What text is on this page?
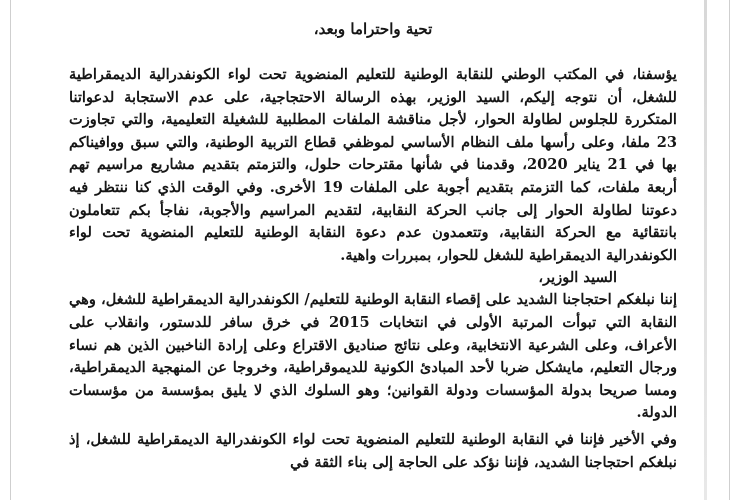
تحية واحتراما وبعد،

يؤسفنا، في المكتب الوطني للنقابة الوطنية للتعليم المنضوية تحت لواء الكونفدرالية الديمقراطية للشغل، أن نتوجه إليكم، السيد الوزير، بهذه الرسالة الاحتجاجية، على عدم الاستجابة لدعواتنا المتكررة للجلوس لطاولة الحوار، لأجل مناقشة الملفات المطلبية للشغيلة التعليمية، والتي تجاوزت 23 ملفا، وعلى رأسها ملف النظام الأساسي لموظفي قطاع التربية الوطنية، والتي سبق ووافيناكم بها في 21 يناير 2020، وقدمنا في شأنها مقترحات حلول، والتزمتم بتقديم مشاريع مراسيم تهم أربعة ملفات، كما التزمتم بتقديم أجوبة على الملفات 19 الأخرى. وفي الوقت الذي كنا ننتظر فيه دعوتنا لطاولة الحوار إلى جانب الحركة النقابية، لتقديم المراسيم والأجوبة، نفاجأ بكم تتعاملون بانتقائية مع الحركة النقابية، وتتعمدون عدم دعوة النقابة الوطنية للتعليم المنضوية تحت لواء الكونفدرالية الديمقراطية للشغل للحوار، بمبررات واهية.

السيد الوزير،

إننا نبلغكم احتجاجنا الشديد على إقصاء النقابة الوطنية للتعليم/ الكونفدرالية الديمقراطية للشغل، وهي النقابة التي تبوأت المرتبة الأولى في انتخابات 2015 في خرق سافر للدستور، وانقلاب على الأعراف، وعلى الشرعية الانتخابية، وعلى نتائج صناديق الاقتراع وعلى إرادة الناخبين الذين هم نساء ورجال التعليم، مايشكل ضربا لأحد المبادئ الكونية للديموقراطية، وخروجا عن المنهجية الديمقراطية، ومسا صريحا بدولة المؤسسات ودولة القوانين؛ وهو السلوك الذي لا يليق بمؤسسة من مؤسسات الدولة.

وفي الأخير فإننا في النقابة الوطنية للتعليم المنضوية تحت لواء الكونفدرالية الديمقراطية للشغل، إذ نبلغكم احتجاجنا الشديد، فإننا نؤكد على الحاجة إلى بناء الثقة في
